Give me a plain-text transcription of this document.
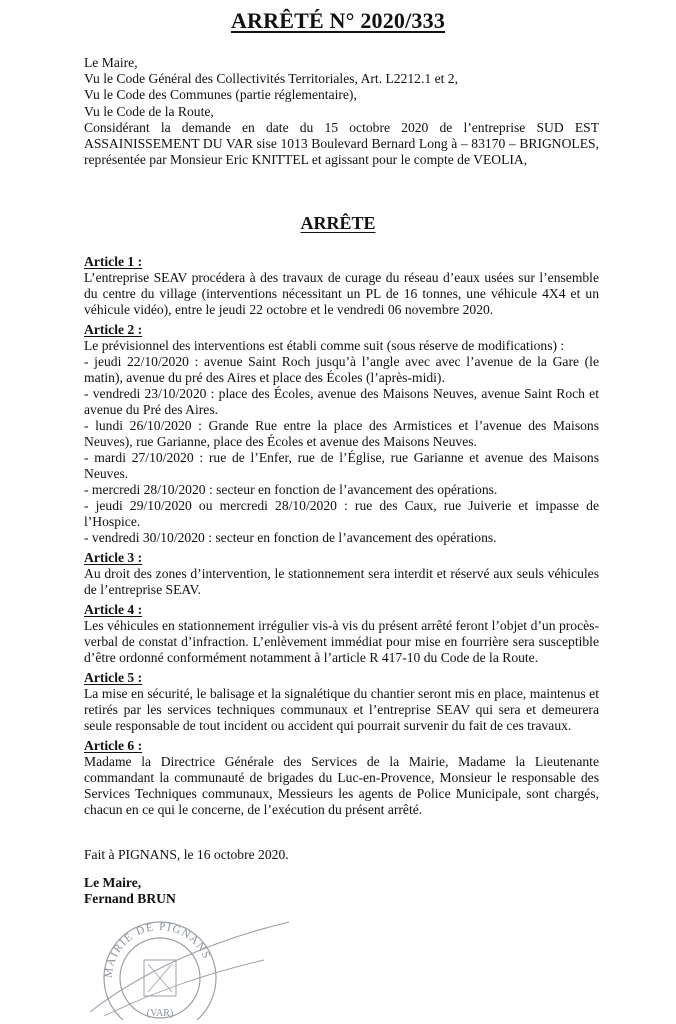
ARRÊTÉ N° 2020/333

Le Maire,

Vu le Code Général des Collectivités Territoriales, Art. L2212.1 et 2,

Vu le Code des Communes (partie réglementaire),

Vu le Code de la Route,

Considérant la demande en date du 15 octobre 2020 de l’entreprise SUD EST ASSAINISSEMENT DU VAR sise 1013 Boulevard Bernard Long à – 83170 – BRIGNOLES, représentée par Monsieur Eric KNITTEL et agissant pour le compte de VEOLIA,

ARRÊTE
Article 1 :

L’entreprise SEAV procédera à des travaux de curage du réseau d’eaux usées sur l’ensemble du centre du village (interventions nécessitant un PL de 16 tonnes, une véhicule 4X4 et un véhicule vidéo), entre le jeudi 22 octobre et le vendredi 06 novembre 2020.

Article 2 :

Le prévisionnel des interventions est établi comme suit (sous réserve de modifications) :

- jeudi 22/10/2020 : avenue Saint Roch jusqu’à l’angle avec avec l’avenue de la Gare (le matin), avenue du pré des Aires et place des Écoles (l’après-midi).

- vendredi 23/10/2020 : place des Écoles, avenue des Maisons Neuves, avenue Saint Roch et avenue du Pré des Aires.

- lundi 26/10/2020 : Grande Rue entre la place des Armistices et l’avenue des Maisons Neuves), rue Garianne, place des Écoles et avenue des Maisons Neuves.

- mardi 27/10/2020 : rue de l’Enfer, rue de l’Église, rue Garianne et avenue des Maisons Neuves.

- mercredi 28/10/2020 : secteur en fonction de l’avancement des opérations.

- jeudi 29/10/2020 ou mercredi 28/10/2020 : rue des Caux, rue Juiverie et impasse de l’Hospice.

- vendredi 30/10/2020 : secteur en fonction de l’avancement des opérations.

Article 3 :

Au droit des zones d’intervention, le stationnement sera interdit et réservé aux seuls véhicules de l’entreprise SEAV.

Article 4 :

Les véhicules en stationnement irrégulier vis-à vis du présent arrêté feront l’objet d’un procès-verbal de constat d’infraction. L’enlèvement immédiat pour mise en fourrière sera susceptible d’être ordonné conformément notamment à l’article R 417-10 du Code de la Route.

Article 5 :

La mise en sécurité, le balisage et la signalétique du chantier seront mis en place, maintenus et retirés par les services techniques communaux et l’entreprise SEAV qui sera et demeurera seule responsable de tout incident ou accident qui pourrait survenir du fait de ces travaux.

Article 6 :

Madame la Directrice Générale des Services de la Mairie, Madame la Lieutenante commandant la communauté de brigades du Luc-en-Provence, Monsieur le responsable des Services Techniques communaux, Messieurs les agents de Police Municipale, sont chargés, chacun en ce qui le concerne, de l’exécution du présent arrêté.

Fait à PIGNANS, le 16 octobre 2020.
Le Maire,
Fernand BRUN
MAIRIE DE PIGNANS
(VAR)
